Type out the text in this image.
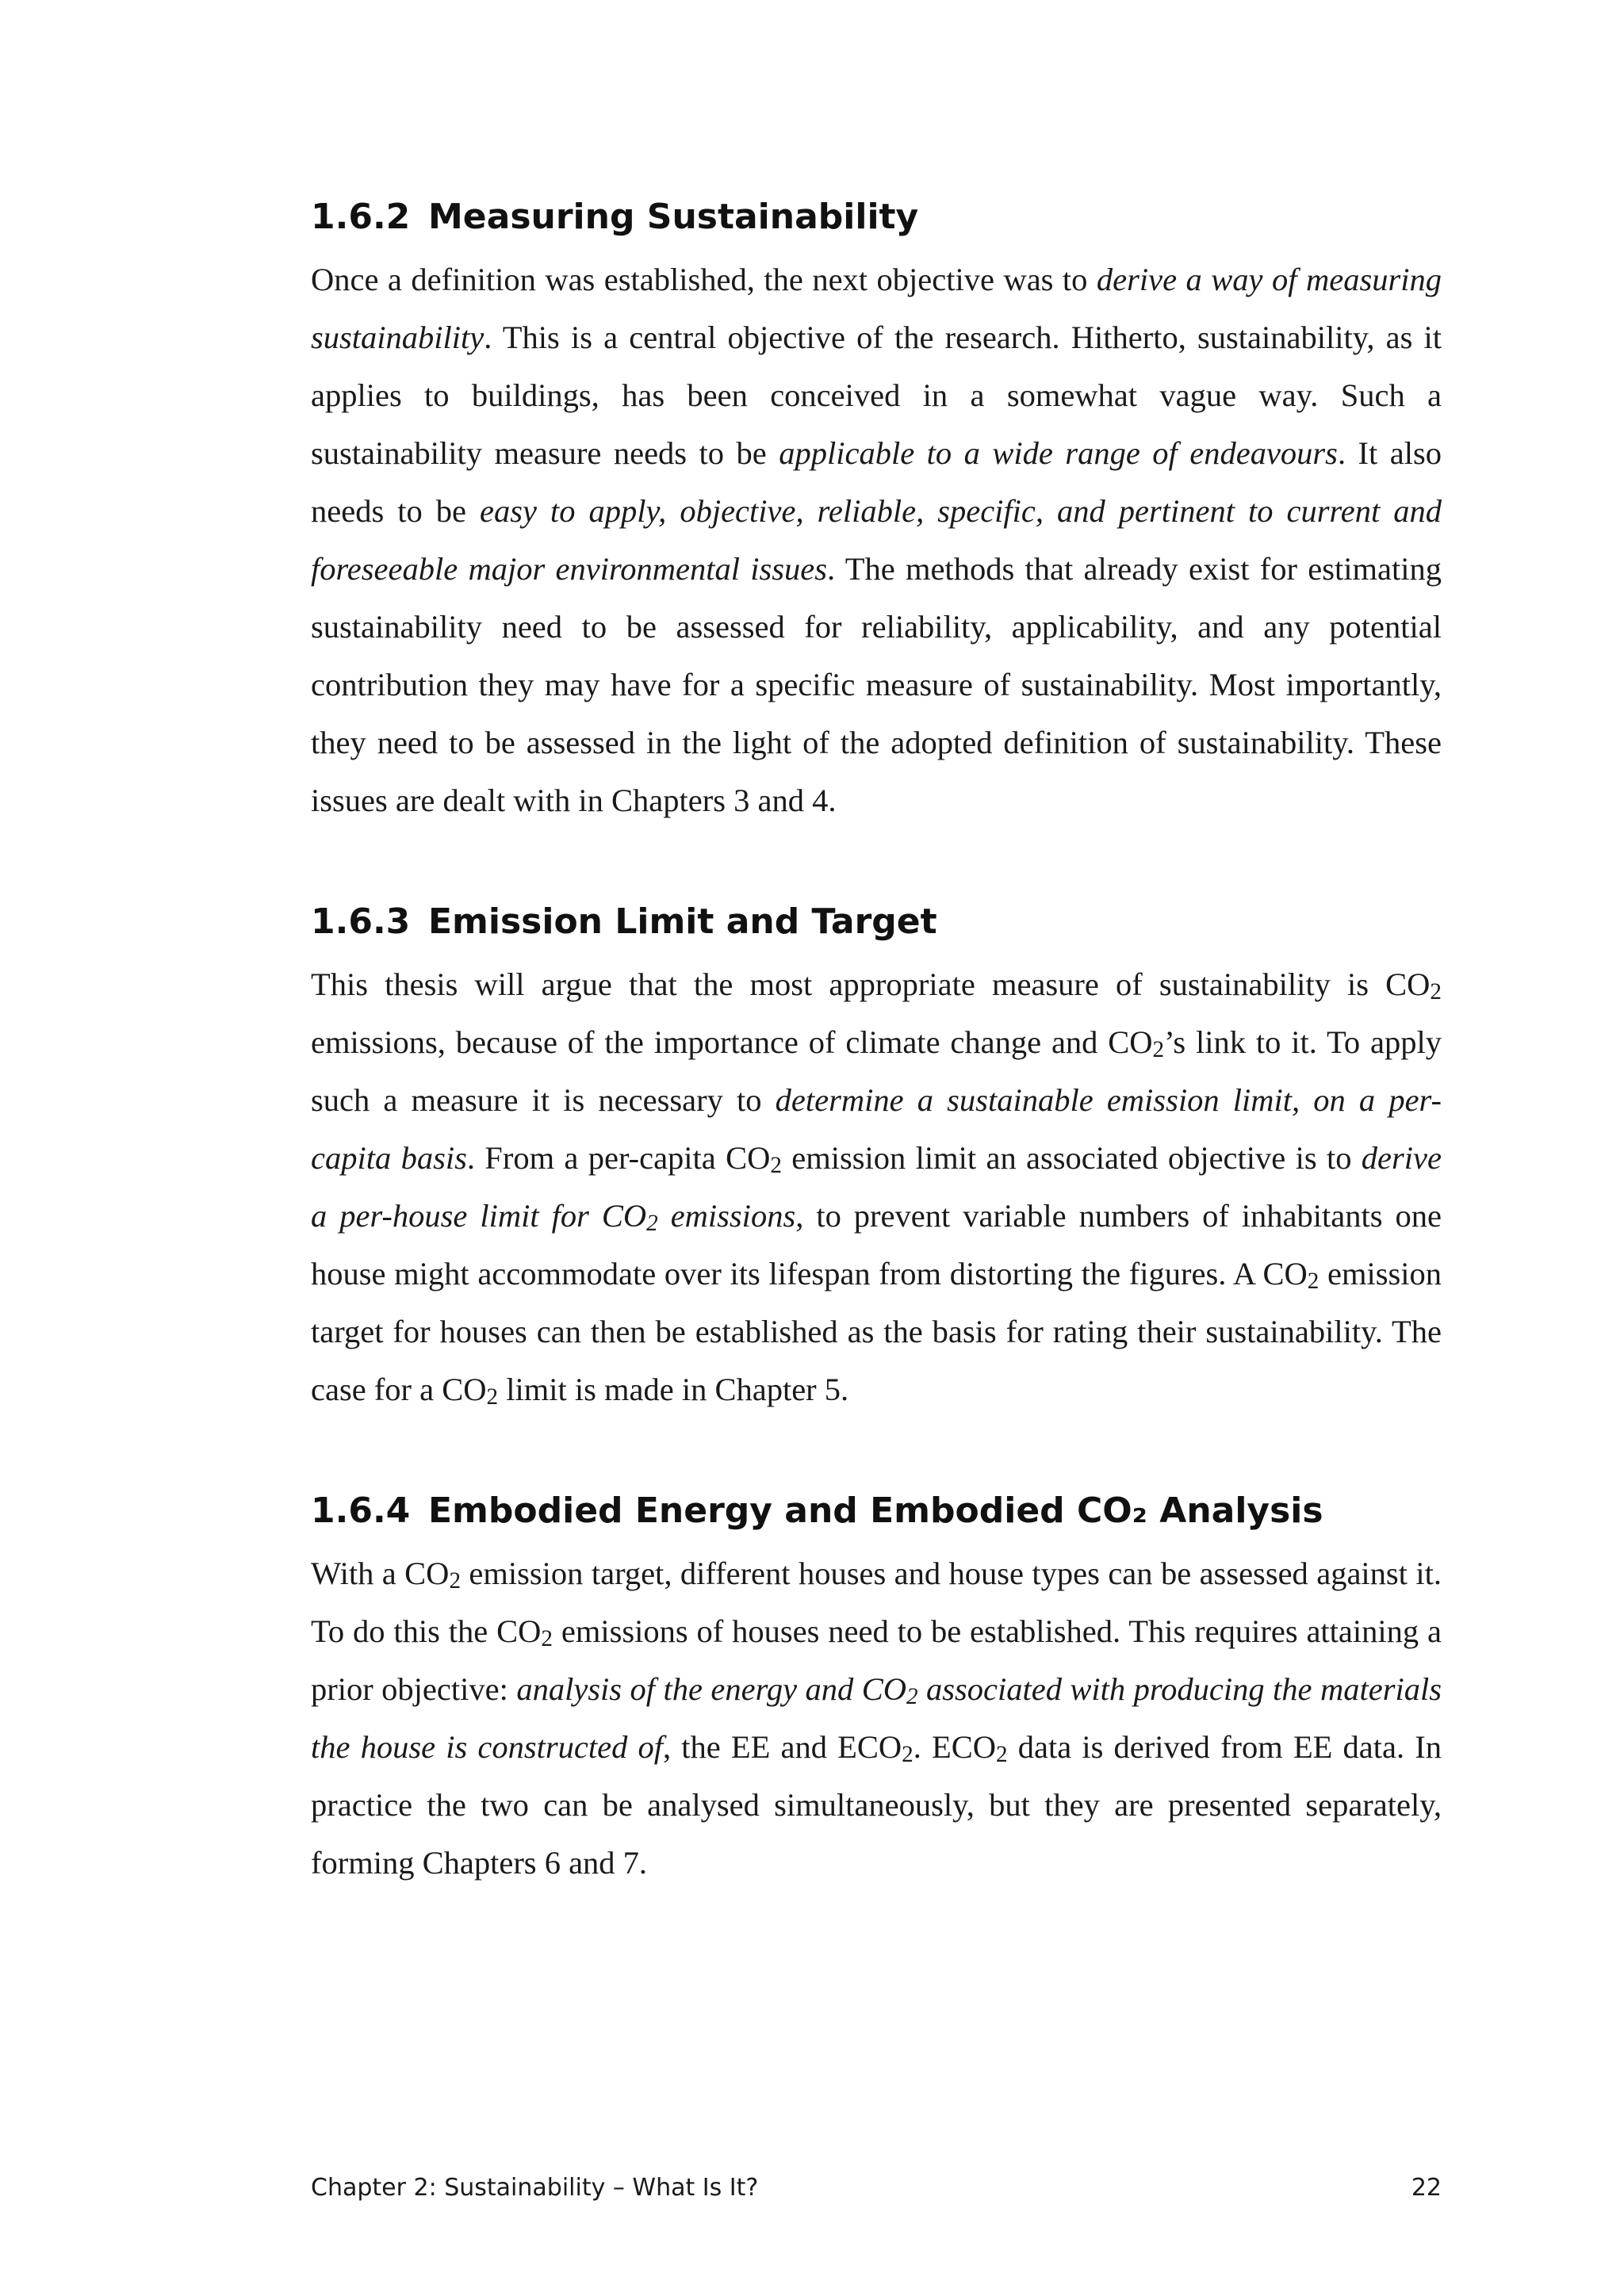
1.6.2 Measuring Sustainability

Once a definition was established, the next objective was to derive a way of measuring sustainability. This is a central objective of the research. Hitherto, sustainability, as it applies to buildings, has been conceived in a somewhat vague way. Such a sustainability measure needs to be applicable to a wide range of endeavours. It also needs to be easy to apply, objective, reliable, specific, and pertinent to current and foreseeable major environmental issues. The methods that already exist for estimating sustainability need to be assessed for reliability, applicability, and any potential contribution they may have for a specific measure of sustainability. Most importantly, they need to be assessed in the light of the adopted definition of sustainability. These issues are dealt with in Chapters 3 and 4.

1.6.3 Emission Limit and Target

This thesis will argue that the most appropriate measure of sustainability is $CO_2$ emissions, because of the importance of climate change and $CO_2’s$ link to it. To apply such a measure it is necessary to determine a sustainable emission limit, on a per-capita basis. From a per-capita $CO_2$ emission limit an associated objective is to derive a per-house limit for $CO_2$ emissions, to prevent variable numbers of inhabitants one house might accommodate over its lifespan from distorting the figures. A $CO_2$ emission target for houses can then be established as the basis for rating their sustainability. The case for a $CO_2$ limit is made in Chapter 5.

1.6.4 Embodied Energy and Embodied CO₂ Analysis

With a $CO_2$ emission target, different houses and house types can be assessed against it. To do this the $CO_2$ emissions of houses need to be established. This requires attaining a prior objective: analysis of the energy and $CO_2$ associated with producing the materials the house is constructed of, the EE and $ECO_2$. $ECO_2$ data is derived from EE data. In practice the two can be analysed simultaneously, but they are presented separately, forming Chapters 6 and 7.

Chapter 2: Sustainability – What Is It?	22
